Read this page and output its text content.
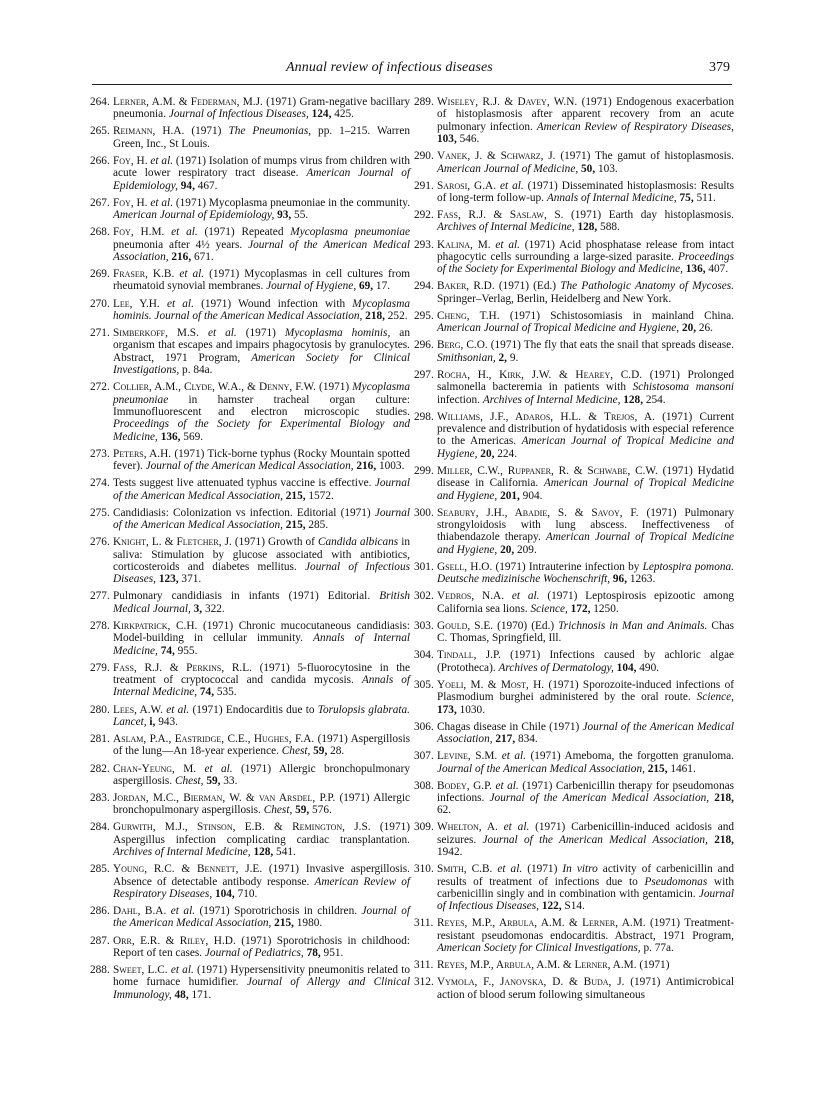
Annual review of infectious diseases	379
264. Lerner, A.M. & Federman, M.J. (1971) Gram-negative bacillary pneumonia. Journal of Infectious Diseases, 124, 425.
265. Reimann, H.A. (1971) The Pneumonias, pp. 1–215. Warren Green, Inc., St Louis.
266. Foy, H. et al. (1971) Isolation of mumps virus from children with acute lower respiratory tract disease. American Journal of Epidemiology, 94, 467.
267. Foy, H. et al. (1971) Mycoplasma pneumoniae in the community. American Journal of Epidemiology, 93, 55.
268. Foy, H.M. et al. (1971) Repeated Mycoplasma pneumoniae pneumonia after 4½ years. Journal of the American Medical Association, 216, 671.
269. Fraser, K.B. et al. (1971) Mycoplasmas in cell cultures from rheumatoid synovial membranes. Journal of Hygiene, 69, 17.
270. Lee, Y.H. et al. (1971) Wound infection with Mycoplasma hominis. Journal of the American Medical Association, 218, 252.
271. Simberkoff, M.S. et al. (1971) Mycoplasma hominis, an organism that escapes and impairs phagocytosis by granulocytes. Abstract, 1971 Program, American Society for Clinical Investigations, p. 84a.
272. Collier, A.M., Clyde, W.A., & Denny, F.W. (1971) Mycoplasma pneumoniae in hamster tracheal organ culture: Immunofluorescent and electron microscopic studies. Proceedings of the Society for Experimental Biology and Medicine, 136, 569.
273. Peters, A.H. (1971) Tick-borne typhus (Rocky Mountain spotted fever). Journal of the American Medical Association, 216, 1003.
274. Tests suggest live attenuated typhus vaccine is effective. Journal of the American Medical Association, 215, 1572.
275. Candidiasis: Colonization vs infection. Editorial (1971) Journal of the American Medical Association, 215, 285.
276. Knight, L. & Fletcher, J. (1971) Growth of Candida albicans in saliva: Stimulation by glucose associated with antibiotics, corticosteroids and diabetes mellitus. Journal of Infectious Diseases, 123, 371.
277. Pulmonary candidiasis in infants (1971) Editorial. British Medical Journal, 3, 322.
278. Kirkpatrick, C.H. (1971) Chronic mucocutaneous candidiasis: Model-building in cellular immunity. Annals of Internal Medicine, 74, 955.
279. Fass, R.J. & Perkins, R.L. (1971) 5-fluorocytosine in the treatment of cryptococcal and candida mycosis. Annals of Internal Medicine, 74, 535.
280. Lees, A.W. et al. (1971) Endocarditis due to Torulopsis glabrata. Lancet, i, 943.
281. Aslam, P.A., Eastridge, C.E., Hughes, F.A. (1971) Aspergillosis of the lung—An 18-year experience. Chest, 59, 28.
282. Chan-Yeung, M. et al. (1971) Allergic bronchopulmonary aspergillosis. Chest, 59, 33.
283. Jordan, M.C., Bierman, W. & van Arsdel, P.P. (1971) Allergic bronchopulmonary aspergillosis. Chest, 59, 576.
284. Gurwith, M.J., Stinson, E.B. & Remington, J.S. (1971) Aspergillus infection complicating cardiac transplantation. Archives of Internal Medicine, 128, 541.
285. Young, R.C. & Bennett, J.E. (1971) Invasive aspergillosis. Absence of detectable antibody response. American Review of Respiratory Diseases, 104, 710.
286. Dahl, B.A. et al. (1971) Sporotrichosis in children. Journal of the American Medical Association, 215, 1980.
287. Orr, E.R. & Riley, H.D. (1971) Sporotrichosis in childhood: Report of ten cases. Journal of Pediatrics, 78, 951.
288. Sweet, L.C. et al. (1971) Hypersensitivity pneumonitis related to home furnace humidifier. Journal of Allergy and Clinical Immunology, 48, 171.
289. Wiseley, R.J. & Davey, W.N. (1971) Endogenous exacerbation of histoplasmosis after apparent recovery from an acute pulmonary infection. American Review of Respiratory Diseases, 103, 546.
290. Vanek, J. & Schwarz, J. (1971) The gamut of histoplasmosis. American Journal of Medicine, 50, 103.
291. Sarosi, G.A. et al. (1971) Disseminated histoplasmosis: Results of long-term follow-up. Annals of Internal Medicine, 75, 511.
292. Fass, R.J. & Saslaw, S. (1971) Earth day histoplasmosis. Archives of Internal Medicine, 128, 588.
293. Kalina, M. et al. (1971) Acid phosphatase release from intact phagocytic cells surrounding a large-sized parasite. Proceedings of the Society for Experimental Biology and Medicine, 136, 407.
294. Baker, R.D. (1971) (Ed.) The Pathologic Anatomy of Mycoses. Springer–Verlag, Berlin, Heidelberg and New York.
295. Cheng, T.H. (1971) Schistosomiasis in mainland China. American Journal of Tropical Medicine and Hygiene, 20, 26.
296. Berg, C.O. (1971) The fly that eats the snail that spreads disease. Smithsonian, 2, 9.
297. Rocha, H., Kirk, J.W. & Hearey, C.D. (1971) Prolonged salmonella bacteremia in patients with Schistosoma mansoni infection. Archives of Internal Medicine, 128, 254.
298. Williams, J.F., Adaros, H.L. & Trejos, A. (1971) Current prevalence and distribution of hydatidosis with especial reference to the Americas. American Journal of Tropical Medicine and Hygiene, 20, 224.
299. Miller, C.W., Ruppaner, R. & Schwabe, C.W. (1971) Hydatid disease in California. American Journal of Tropical Medicine and Hygiene, 201, 904.
300. Seabury, J.H., Abadie, S. & Savoy, F. (1971) Pulmonary strongyloidosis with lung abscess. Ineffectiveness of thiabendazole therapy. American Journal of Tropical Medicine and Hygiene, 20, 209.
301. Gsell, H.O. (1971) Intrauterine infection by Leptospira pomona. Deutsche medizinische Wochenschrift, 96, 1263.
302. Vedros, N.A. et al. (1971) Leptospirosis epizootic among California sea lions. Science, 172, 1250.
303. Gould, S.E. (1970) (Ed.) Trichnosis in Man and Animals. Chas C. Thomas, Springfield, Ill.
304. Tindall, J.P. (1971) Infections caused by achloric algae (Prototheca). Archives of Dermatology, 104, 490.
305. Yoeli, M. & Most, H. (1971) Sporozoite-induced infections of Plasmodium burghei administered by the oral route. Science, 173, 1030.
306. Chagas disease in Chile (1971) Journal of the American Medical Association, 217, 834.
307. Levine, S.M. et al. (1971) Ameboma, the forgotten granuloma. Journal of the American Medical Association, 215, 1461.
308. Bodey, G.P. et al. (1971) Carbenicillin therapy for pseudomonas infections. Journal of the American Medical Association, 218, 62.
309. Whelton, A. et al. (1971) Carbenicillin-induced acidosis and seizures. Journal of the American Medical Association, 218, 1942.
310. Smith, C.B. et al. (1971) In vitro activity of carbenicillin and results of treatment of infections due to Pseudomonas with carbenicillin singly and in combination with gentamicin. Journal of Infectious Diseases, 122, S14.
311. Reyes, M.P., Arbula, A.M. & Lerner, A.M. (1971) Treatment-resistant pseudomonas endocarditis. Abstract, 1971 Program, American Society for Clinical Investigations, p. 77a.
311. Reyes, M.P., Arbula, A.M. & Lerner, A.M. (1971)
312. Vymola, F., Janovska, D. & Buda, J. (1971) Antimicrobical action of blood serum following simultaneous
